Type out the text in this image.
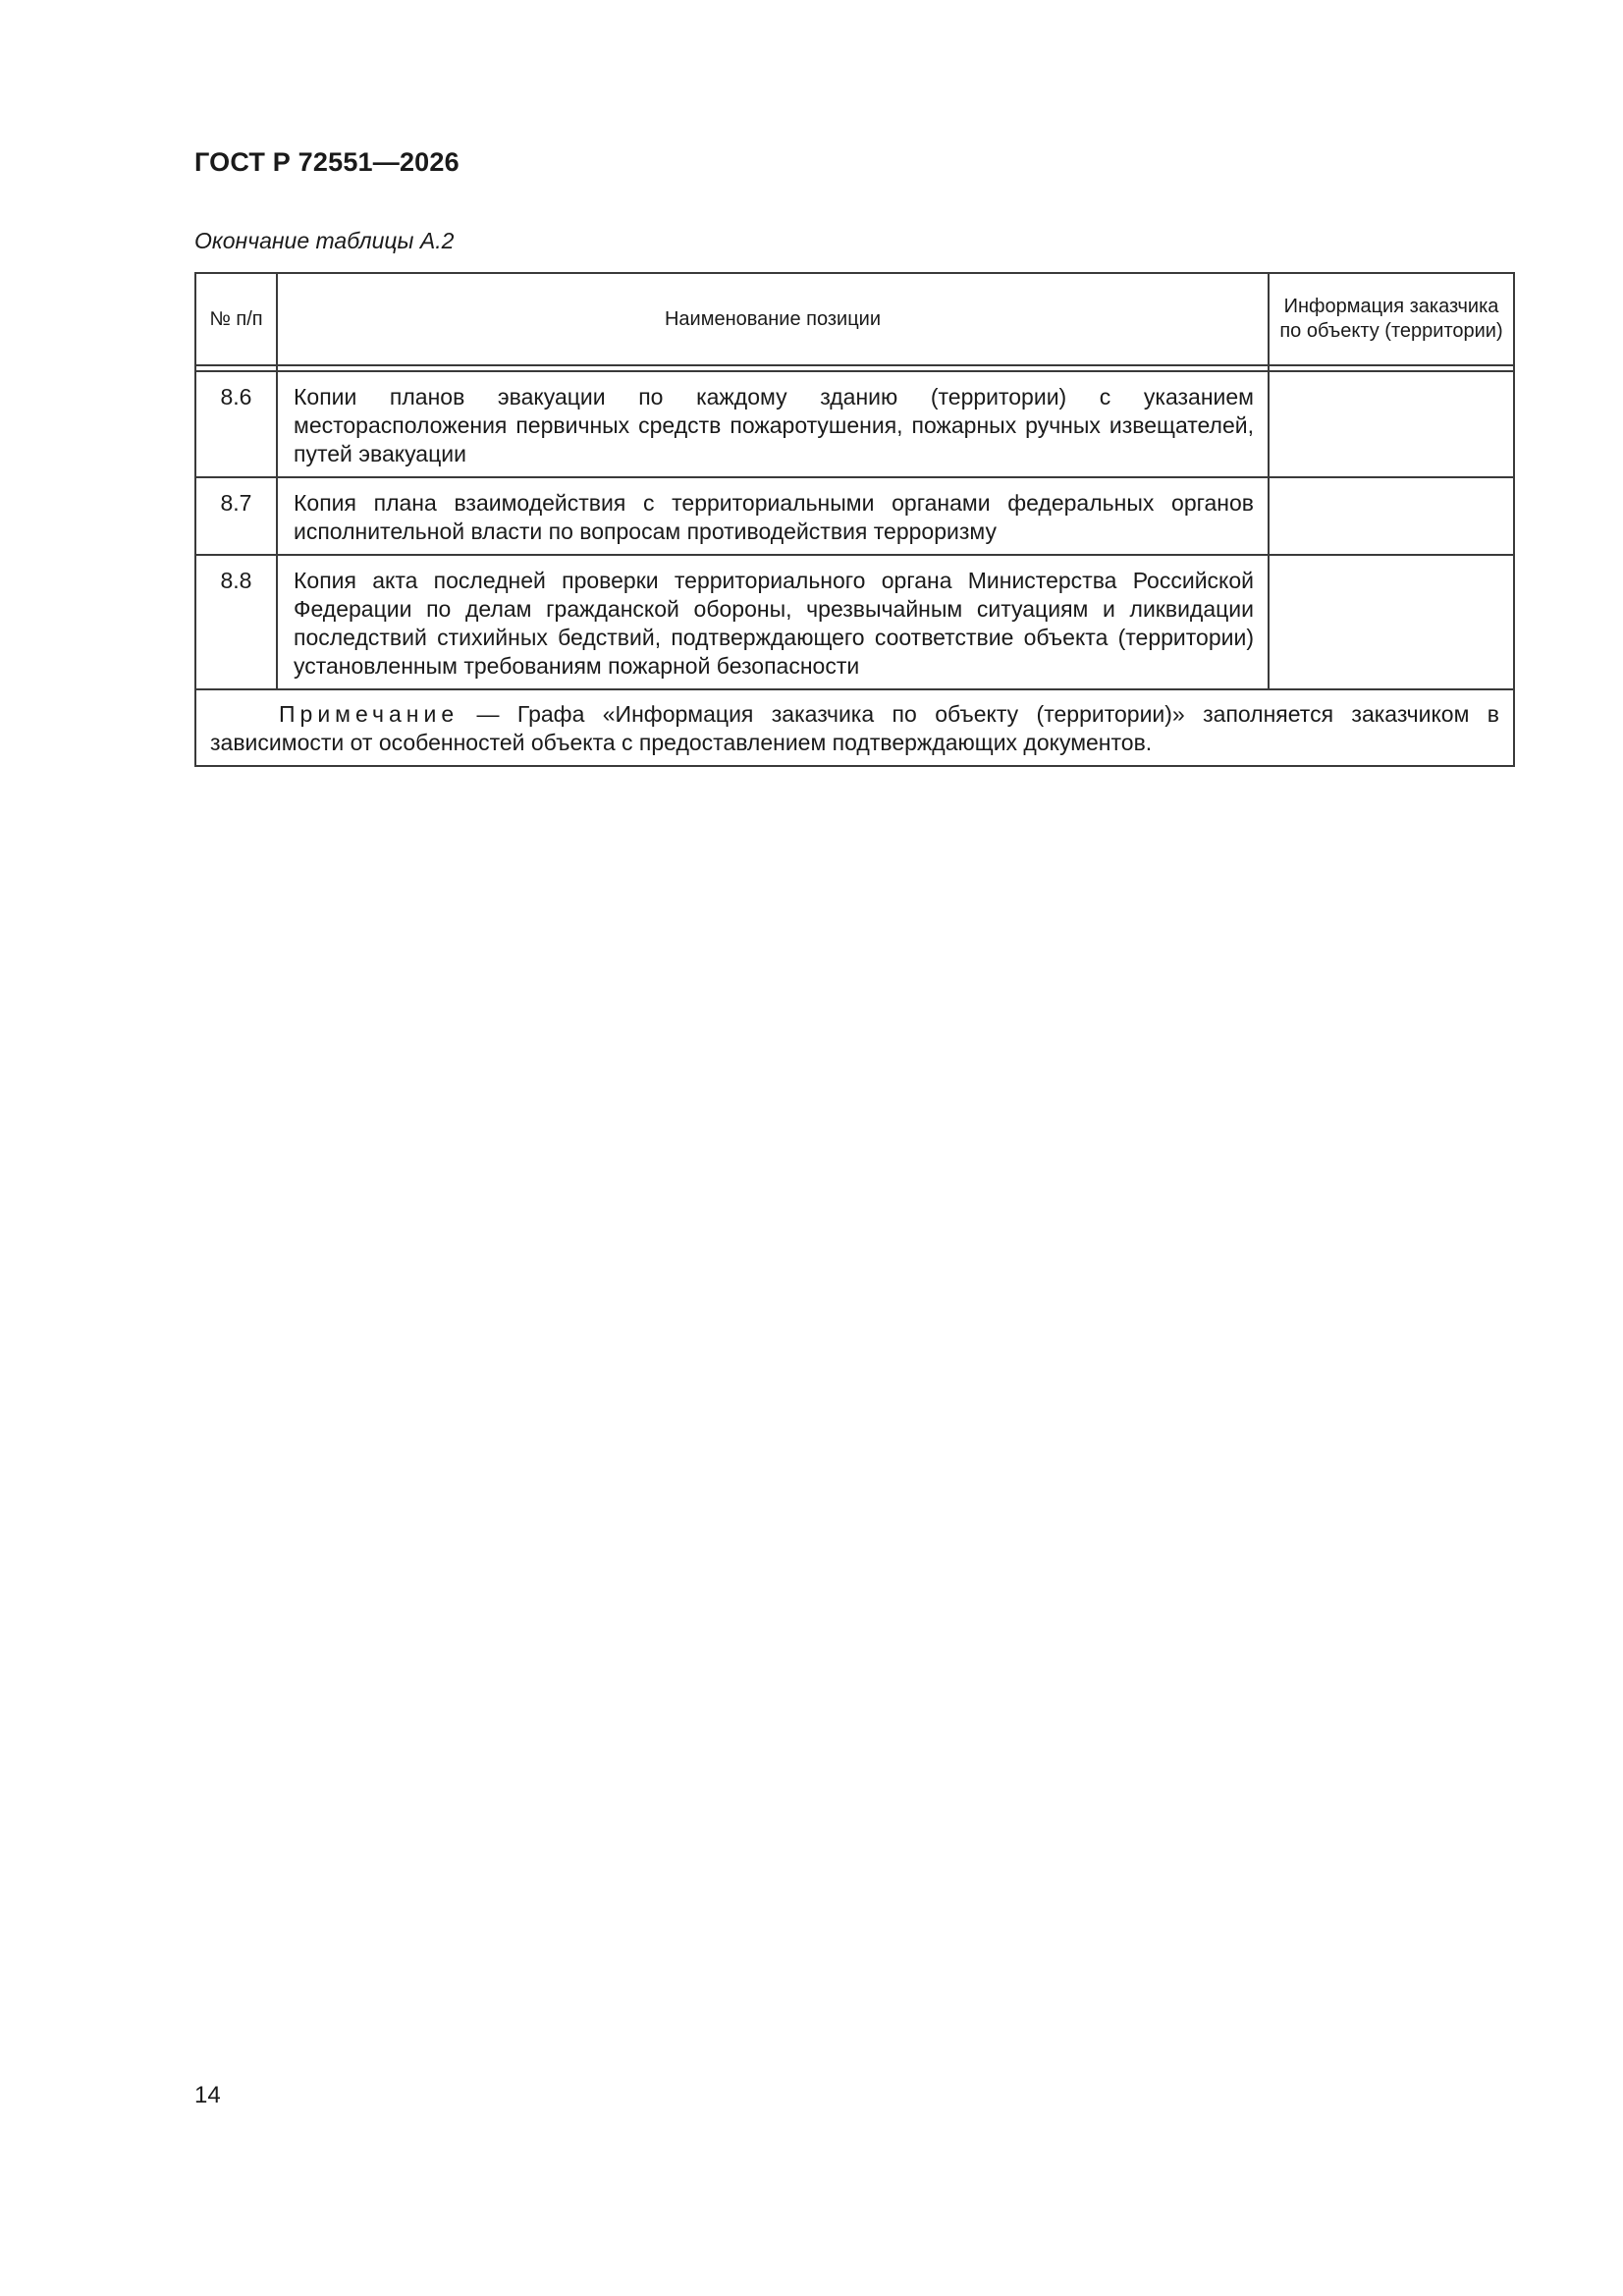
ГОСТ Р 72551—2026
Окончание таблицы А.2
№ п/п	Наименование позиции	Информация заказчика по объекту (территории)

8.6	Копии планов эвакуации по каждому зданию (территории) с указанием месторасположения первичных средств пожаротушения, пожарных ручных извещателей, путей эвакуации	
8.7	Копия плана взаимодействия с территориальными органами федеральных органов исполнительной власти по вопросам противодействия терроризму	
8.8	Копия акта последней проверки территориального органа Министерства Российской Федерации по делам гражданской обороны, чрезвычайным ситуациям и ликвидации последствий стихийных бедствий, подтверждающего соответствие объекта (территории) установленным требованиям пожарной безопасности	
Примечание — Графа «Информация заказчика по объекту (территории)» заполняется заказчиком в зависимости от особенностей объекта с предоставлением подтверждающих документов.		
14
